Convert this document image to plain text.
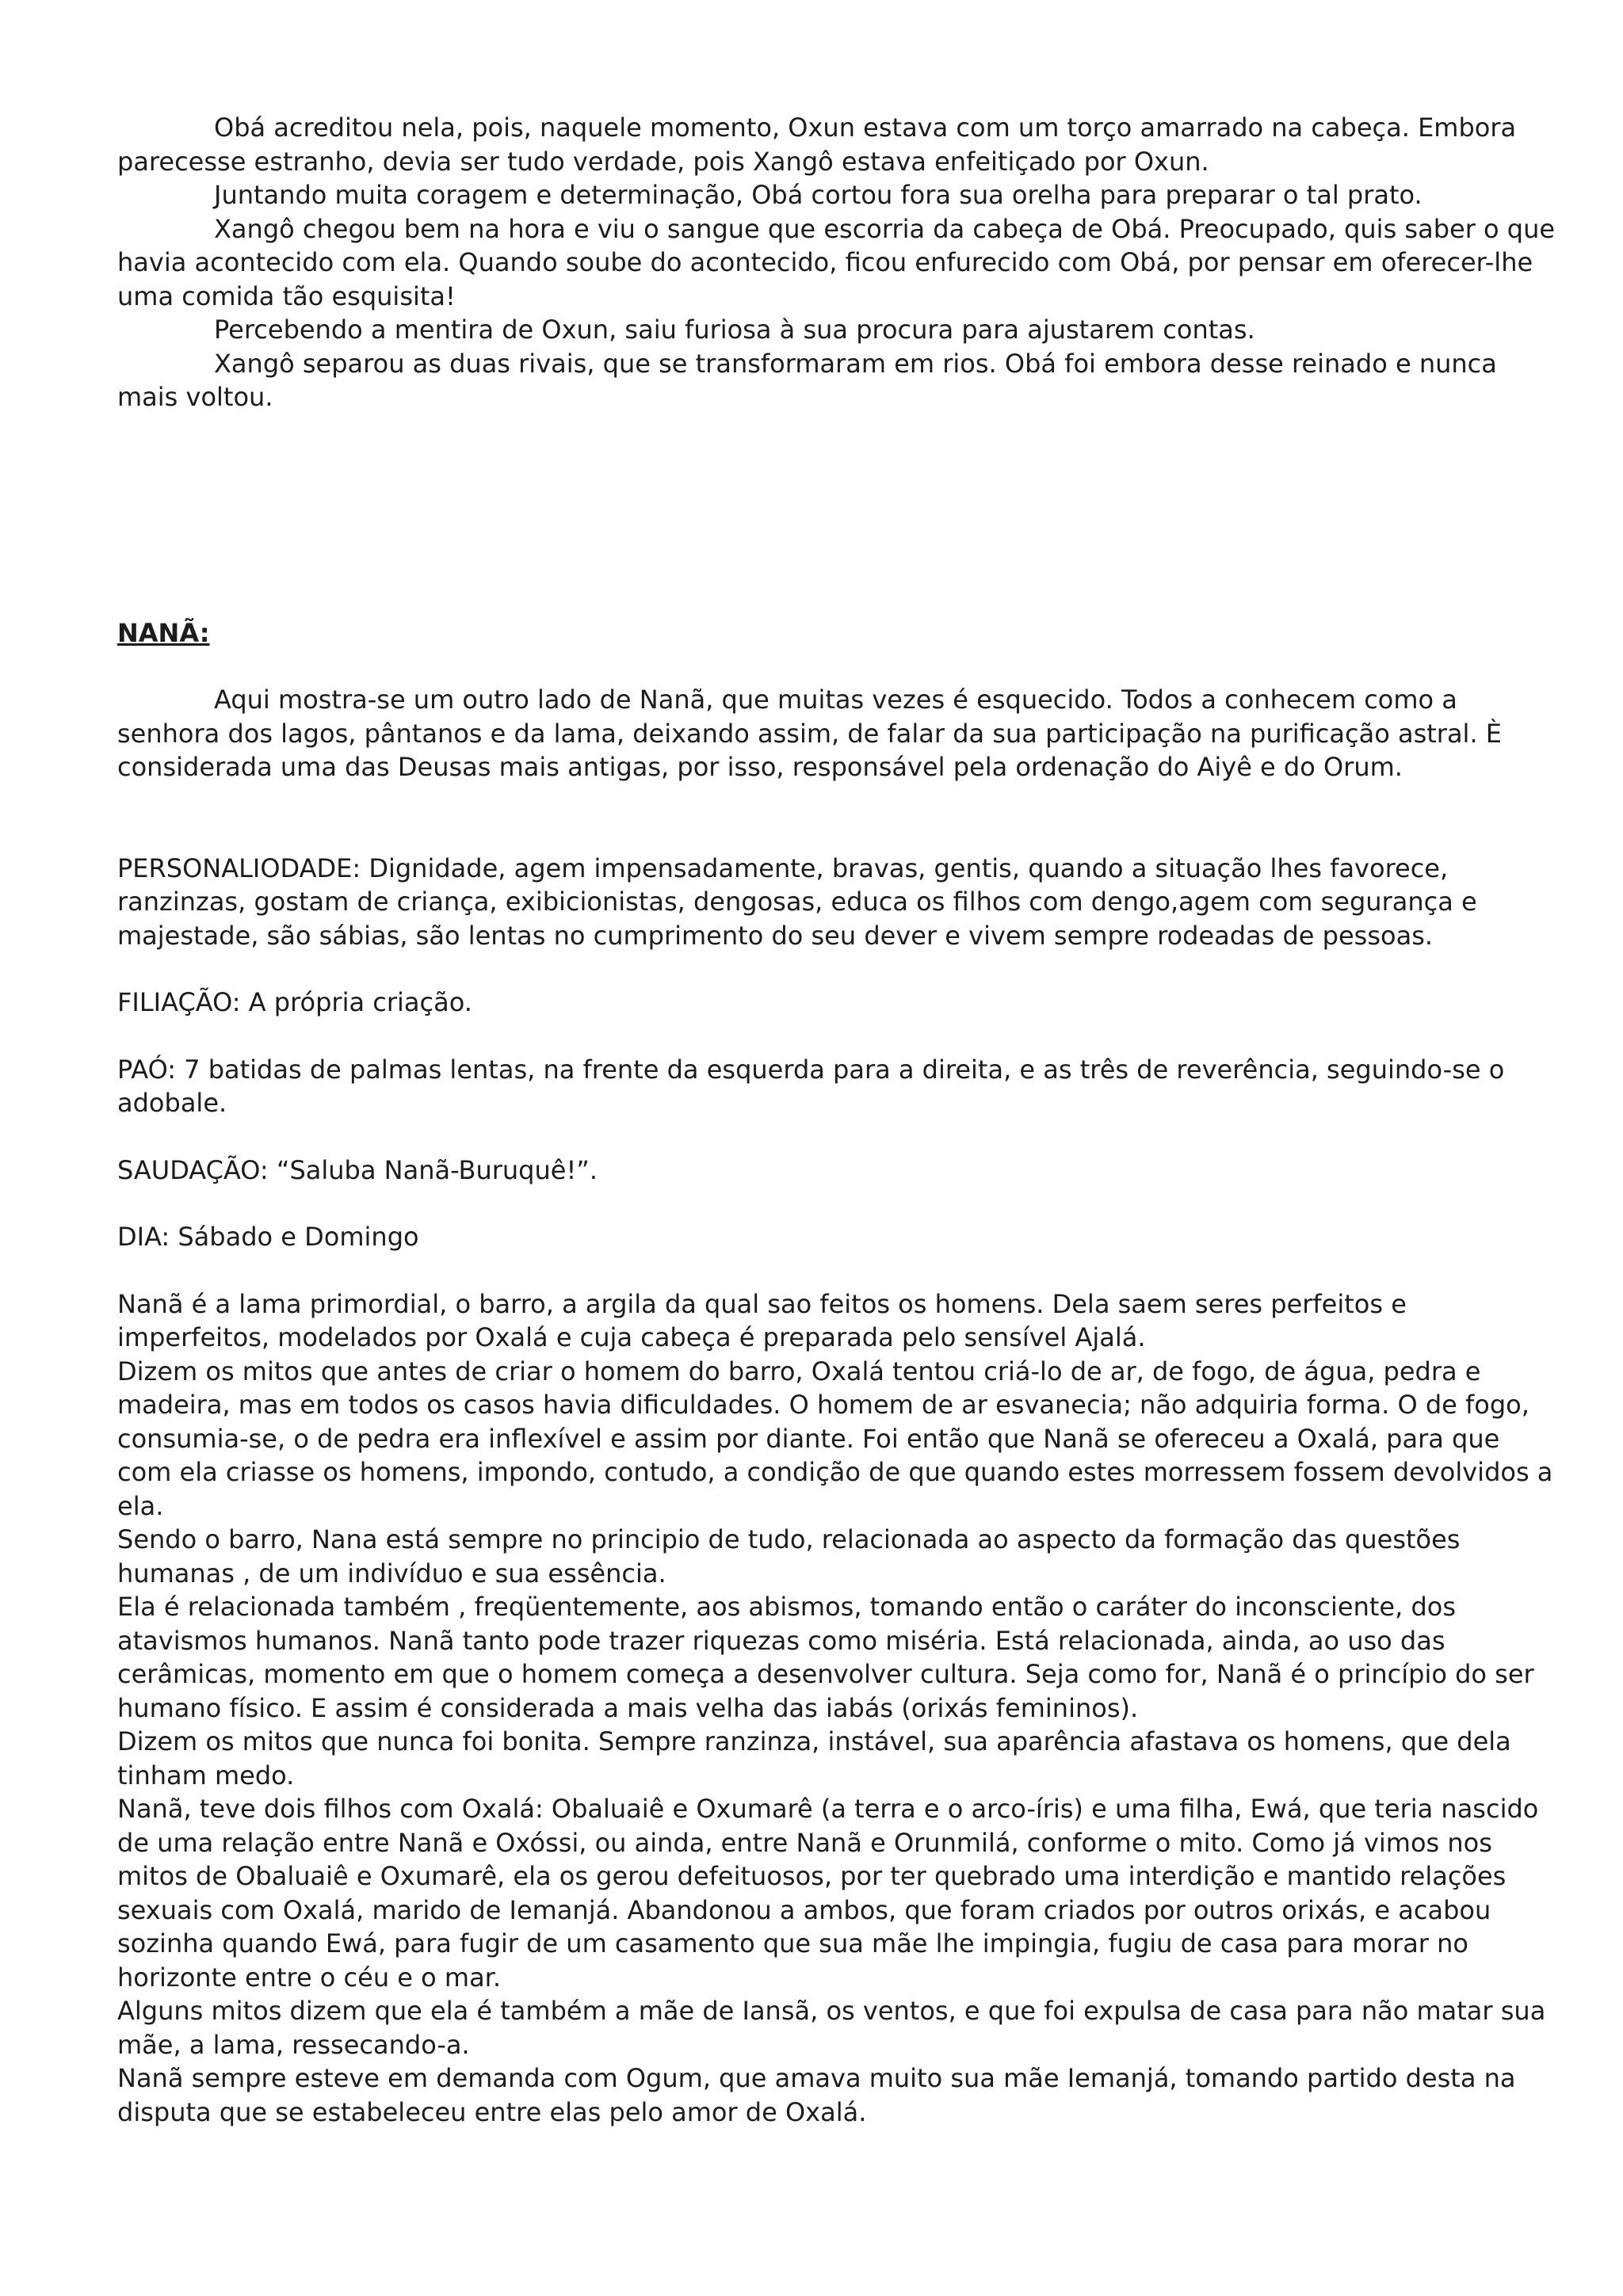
Obá acreditou nela, pois, naquele momento, Oxun estava com um torço amarrado na cabeça. Embora parecesse estranho, devia ser tudo verdade, pois Xangô estava enfeitiçado por Oxun.

Juntando muita coragem e determinação, Obá cortou fora sua orelha para preparar o tal prato.

Xangô chegou bem na hora e viu o sangue que escorria da cabeça de Obá. Preocupado, quis saber o que havia acontecido com ela. Quando soube do acontecido, ficou enfurecido com Obá, por pensar em oferecer-lhe uma comida tão esquisita!

Percebendo a mentira de Oxun, saiu furiosa à sua procura para ajustarem contas.

Xangô separou as duas rivais, que se transformaram em rios. Obá foi embora desse reinado e nunca mais voltou.

NANÃ:

Aqui mostra-se um outro lado de Nanã, que muitas vezes é esquecido. Todos a conhecem como a senhora dos lagos, pântanos e da lama, deixando assim, de falar da sua participação na purificação astral. È considerada uma das Deusas mais antigas, por isso, responsável pela ordenação do Aiyê e do Orum.

PERSONALIODADE: Dignidade, agem impensadamente, bravas, gentis, quando a situação lhes favorece, ranzinzas, gostam de criança, exibicionistas, dengosas, educa os filhos com dengo,agem com segurança e majestade, são sábias, são lentas no cumprimento do seu dever e vivem sempre rodeadas de pessoas.

FILIAÇÃO: A própria criação.

PAÓ: 7 batidas de palmas lentas, na frente da esquerda para a direita, e as três de reverência, seguindo-se o adobale.

SAUDAÇÃO: “Saluba Nanã-Buruquê!”.

DIA: Sábado e Domingo

Nanã é a lama primordial, o barro, a argila da qual sao feitos os homens. Dela saem seres perfeitos e imperfeitos, modelados por Oxalá e cuja cabeça é preparada pelo sensível Ajalá.

Dizem os mitos que antes de criar o homem do barro, Oxalá tentou criá-lo de ar, de fogo, de água, pedra e madeira, mas em todos os casos havia dificuldades. O homem de ar esvanecia; não adquiria forma. O de fogo, consumia-se, o de pedra era inflexível e assim por diante. Foi então que Nanã se ofereceu a Oxalá, para que com ela criasse os homens, impondo, contudo, a condição de que quando estes morressem fossem devolvidos a ela.

Sendo o barro, Nana está sempre no principio de tudo, relacionada ao aspecto da formação das questões humanas , de um indivíduo e sua essência.

Ela é relacionada também , freqüentemente, aos abismos, tomando então o caráter do inconsciente, dos atavismos humanos. Nanã tanto pode trazer riquezas como miséria. Está relacionada, ainda, ao uso das cerâmicas, momento em que o homem começa a desenvolver cultura. Seja como for, Nanã é o princípio do ser humano físico. E assim é considerada a mais velha das iabás (orixás femininos).

Dizem os mitos que nunca foi bonita. Sempre ranzinza, instável, sua aparência afastava os homens, que dela tinham medo.

Nanã, teve dois filhos com Oxalá: Obaluaiê e Oxumarê (a terra e o arco-íris) e uma filha, Ewá, que teria nascido de uma relação entre Nanã e Oxóssi, ou ainda, entre Nanã e Orunmilá, conforme o mito. Como já vimos nos mitos de Obaluaiê e Oxumarê, ela os gerou defeituosos, por ter quebrado uma interdição e mantido relações sexuais com Oxalá, marido de Iemanjá. Abandonou a ambos, que foram criados por outros orixás, e acabou sozinha quando Ewá, para fugir de um casamento que sua mãe lhe impingia, fugiu de casa para morar no horizonte entre o céu e o mar.

Alguns mitos dizem que ela é também a mãe de Iansã, os ventos, e que foi expulsa de casa para não matar sua mãe, a lama, ressecando-a.

Nanã sempre esteve em demanda com Ogum, que amava muito sua mãe Iemanjá, tomando partido desta na disputa que se estabeleceu entre elas pelo amor de Oxalá.
